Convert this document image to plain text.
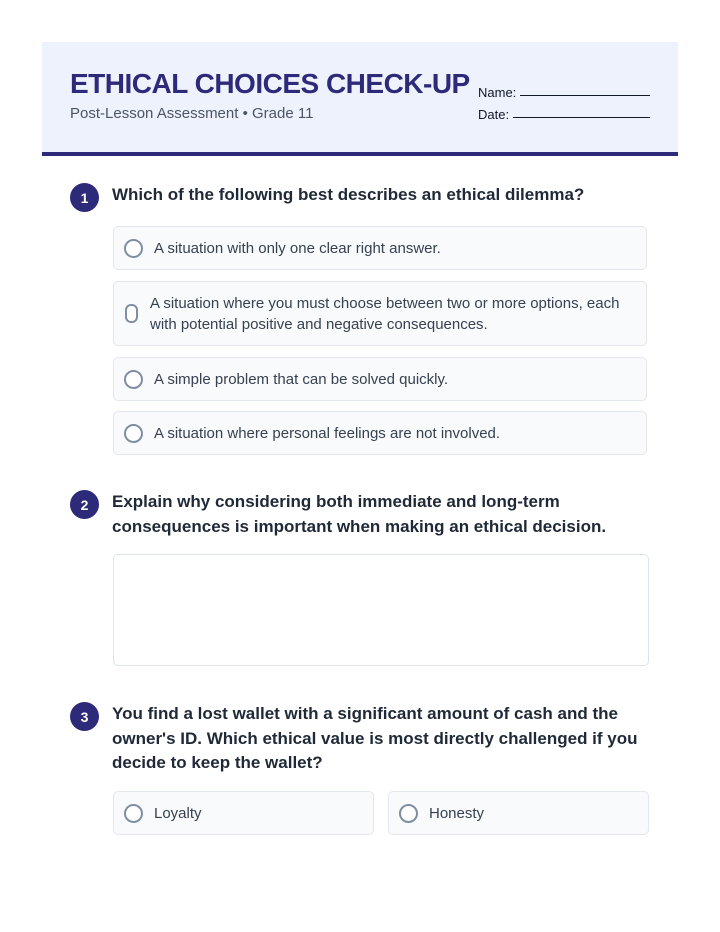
ETHICAL CHOICES CHECK-UP
Post-Lesson Assessment • Grade 11
Name:
Date:
1	Which of the following best describes an ethical dilemma?

A situation with only one clear right answer.
A situation where you must choose between two or more options, each with potential positive and negative consequences.
A simple problem that can be solved quickly.
A situation where personal feelings are not involved.
2	Explain why considering both immediate and long-term consequences is important when making an ethical decision.

3	You find a lost wallet with a significant amount of cash and the owner's ID. Which ethical value is most directly challenged if you decide to keep the wallet?

Loyalty	Honesty
